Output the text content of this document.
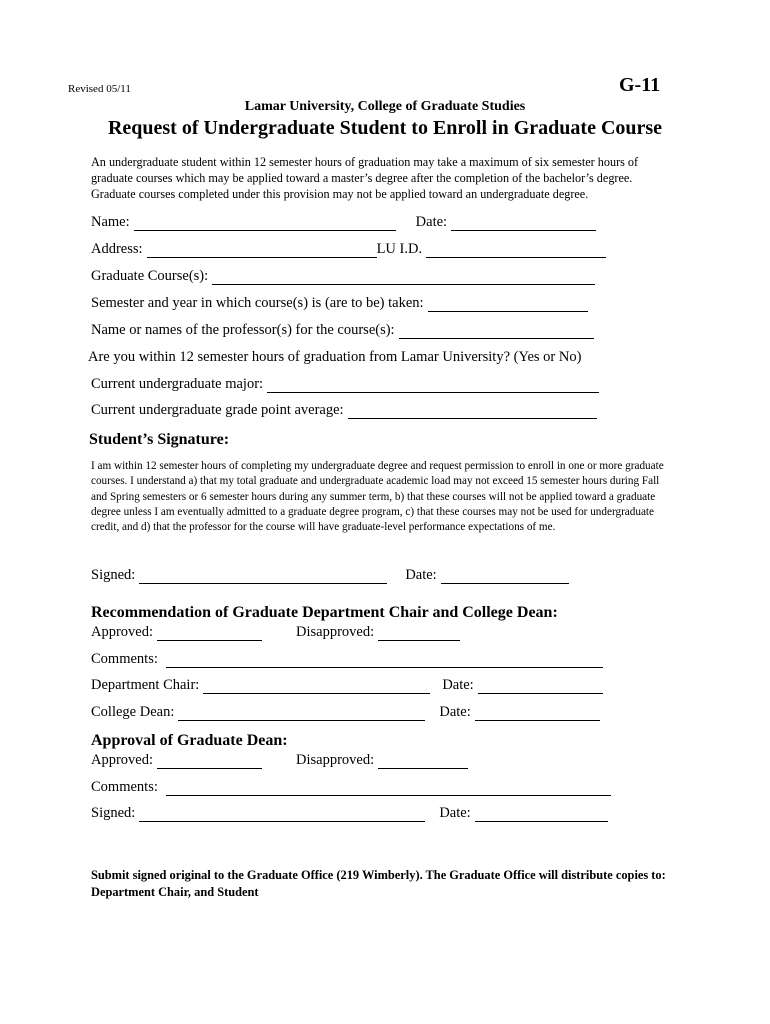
Revised 05/11	G-11
Lamar University, College of Graduate Studies
Request of Undergraduate Student to Enroll in Graduate Course
An undergraduate student within 12 semester hours of graduation may take a maximum of six semester hours of graduate courses which may be applied toward a master’s degree after the completion of the bachelor’s degree. Graduate courses completed under this provision may not be applied toward an undergraduate degree.
Name:	Date:
Address:	LU I.D.
Graduate Course(s):
Semester and year in which course(s) is (are to be) taken:
Name or names of the professor(s) for the course(s):
Are you within 12 semester hours of graduation from Lamar University? (Yes or No)
Current undergraduate major:
Current undergraduate grade point average:
Student’s Signature:
I am within 12 semester hours of completing my undergraduate degree and request permission to enroll in one or more graduate courses. I understand a) that my total graduate and undergraduate academic load may not exceed 15 semester hours during Fall and Spring semesters or 6 semester hours during any summer term, b) that these courses will not be applied toward a graduate degree unless I am eventually admitted to a graduate degree program, c) that these courses may not be used for undergraduate credit, and d) that the professor for the course will have graduate-level performance expectations of me.
Signed:	Date:
Recommendation of Graduate Department Chair and College Dean:
Approved:	Disapproved:
Comments:
Department Chair:	Date:
College Dean:	Date:
Approval of Graduate Dean:
Approved:	Disapproved:
Comments:
Signed:	Date:
Submit signed original to the Graduate Office (219 Wimberly). The Graduate Office will distribute copies to: Department Chair, and Student
